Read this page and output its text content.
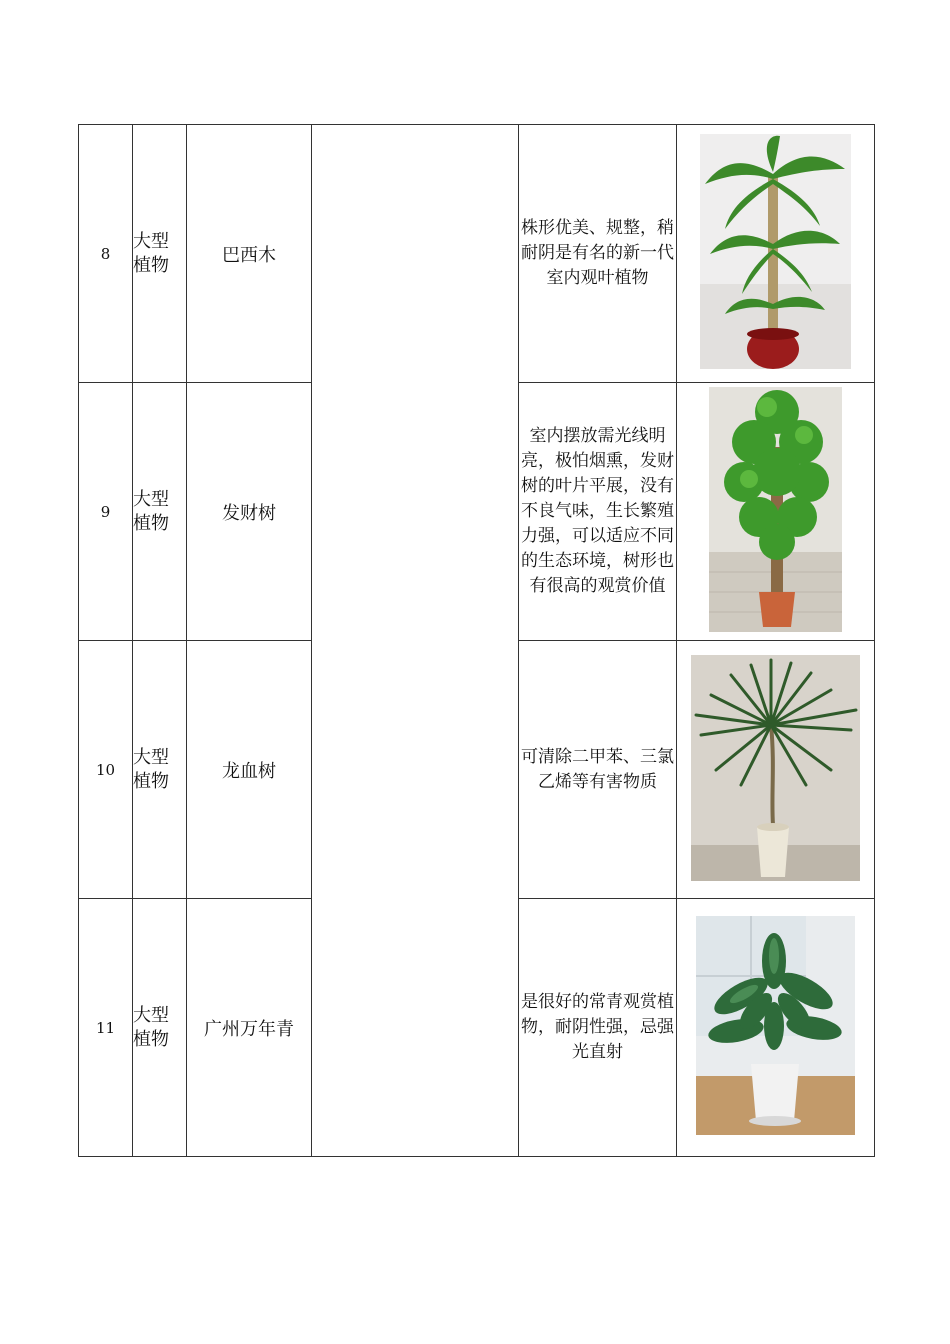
8	大型植物	巴西木		株形优美、规整，稍耐阴是有名的新一代室内观叶植物	

9	大型植物	发财树		室内摆放需光线明亮，极怕烟熏，发财树的叶片平展，没有不良气味，生长繁殖力强，可以适应不同的生态环境，树形也有很高的观赏价值	

10	大型植物	龙血树		可清除二甲苯、三氯乙烯等有害物质	

11	大型植物	广州万年青		是很好的常青观赏植物，耐阴性强，忌强光直射	
